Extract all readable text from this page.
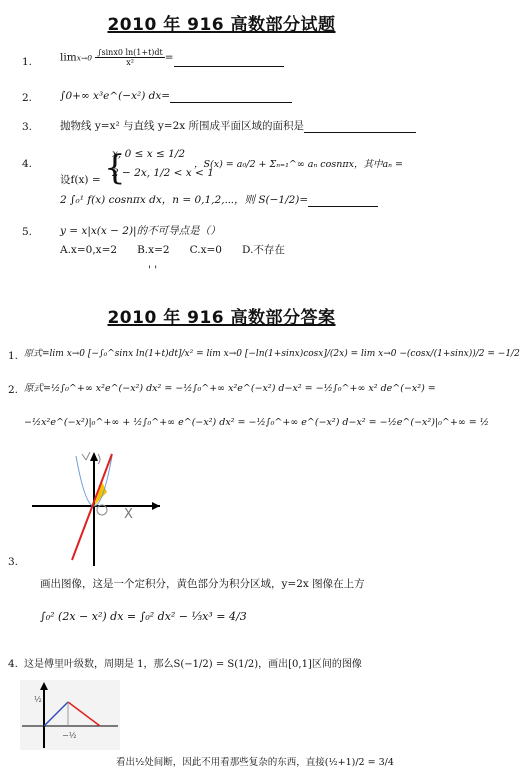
2010 年 916 高数部分试题
1.	$\lim x\to 0 \frac{\int\sin x0 \ln(1+t)dt}{\text{x²}}$ =
2.	∫0+∞ x³e^(−x²) dx=
3.	抛物线 y=x² 与直线 y=2x 所围成平面区域的面积是
4.
设f(x) = {
x, 0 ≤ x ≤ 1/2
2 − 2x, 1/2 < x < 1
，S(x) = a₀/2 + Σₙ₌₁^∞ aₙ cosnπx，其中aₙ =
2 ∫₀¹ f(x) cosnπx dx，n = 0,1,2,⋯，则 S(−1/2)=
5.	y = x|x(x − 2)|的不可导点是（）
A.x=0,x=2 B.x=2 C.x=0 D.不存在
' '
2010 年 916 高数部分答案
1. 原式=lim x→0 [−∫₀^sinx ln(1+t)dt]/x² = lim x→0 [−ln(1+sinx)cosx]/(2x) = lim x→0 −(cosx/(1+sinx))/2 = −1/2
2. 原式=½∫₀^+∞ x²e^(−x²) dx² = −½∫₀^+∞ x²e^(−x²) d−x² = −½∫₀^+∞ x² de^(−x²) =
−½x²e^(−x²)|₀^+∞ + ½∫₀^+∞ e^(−x²) dx² = −½∫₀^+∞ e^(−x²) d−x² = −½e^(−x²)|₀^+∞ = ½
X
3.
画出图像，这是一个定积分，黄色部分为积分区域，y=2x 图像在上方
∫₀² (2x − x²) dx = ∫₀² dx² − ⅓x³ = 4/3
4. 这是傅里叶级数，周期是 1，那么S(−1/2) = S(1/2)，画出[0,1]区间的图像
½
−½
看出½处间断，因此不用看那些复杂的东西，直接(½+1)/2 = 3/4
